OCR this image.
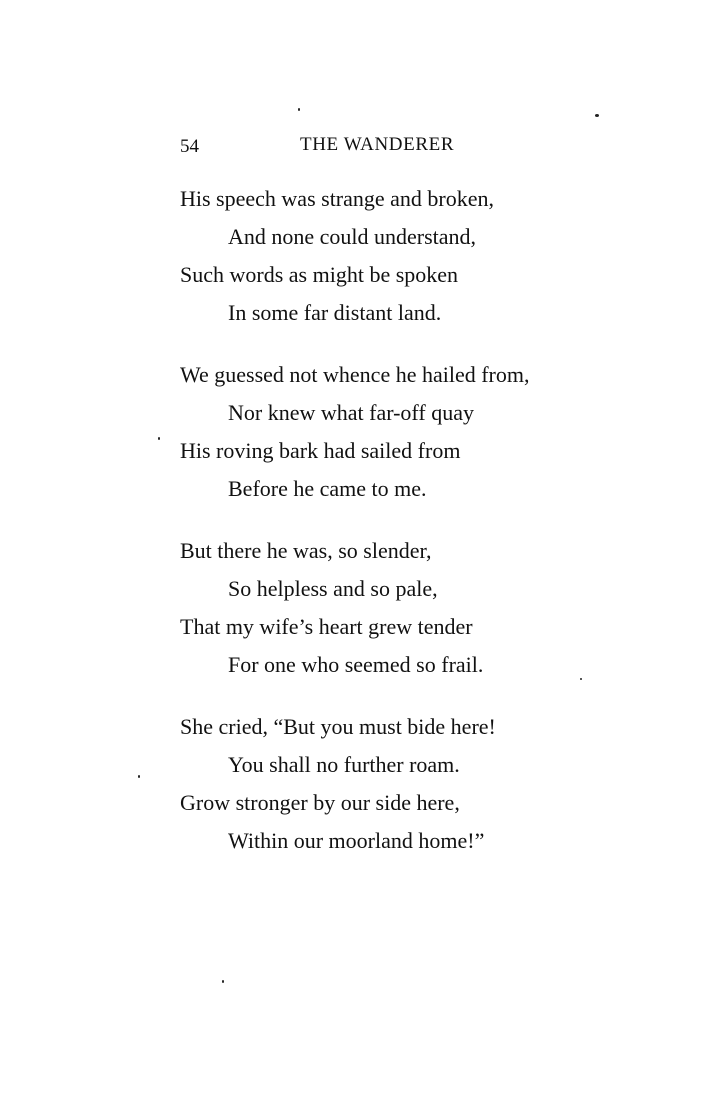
54	THE WANDERER
His speech was strange and broken,
And none could understand,
Such words as might be spoken
In some far distant land.
We guessed not whence he hailed from,
Nor knew what far-off quay
His roving bark had sailed from
Before he came to me.
But there he was, so slender,
So helpless and so pale,
That my wife’s heart grew tender
For one who seemed so frail.
She cried, “But you must bide here!
You shall no further roam.
Grow stronger by our side here,
Within our moorland home!”
